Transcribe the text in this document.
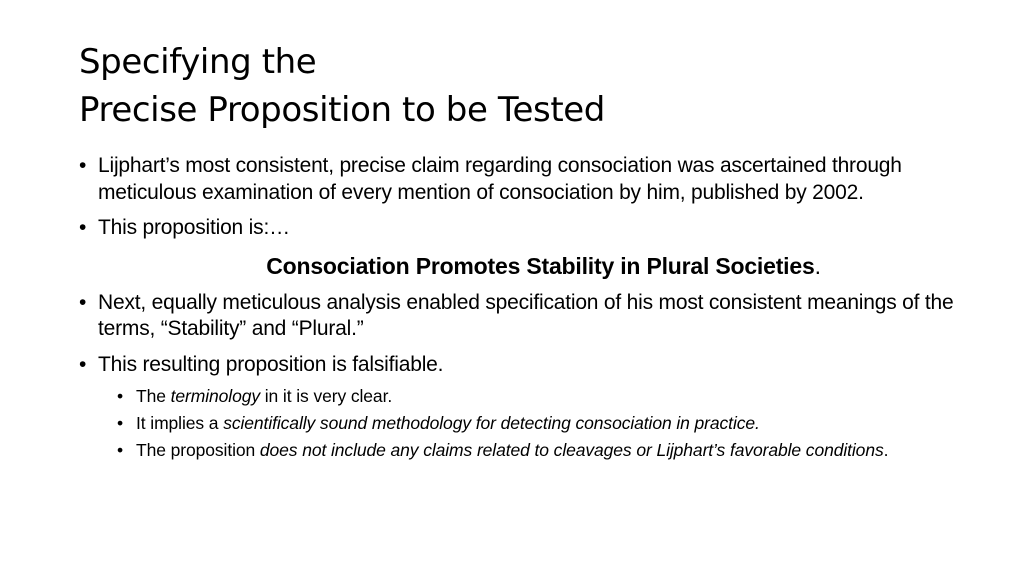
Specifying the
Precise Proposition to be Tested
• Lijphart’s most consistent, precise claim regarding consociation was ascertained through meticulous examination of every mention of consociation by him, published by 2002.
• This proposition is:…
Consociation Promotes Stability in Plural Societies.
• Next, equally meticulous analysis enabled specification of his most consistent meanings of the terms, “Stability” and “Plural.”
• This resulting proposition is falsifiable.
• The terminology in it is very clear.
• It implies a scientifically sound methodology for detecting consociation in practice.
• The proposition does not include any claims related to cleavages or Lijphart’s favorable conditions.
